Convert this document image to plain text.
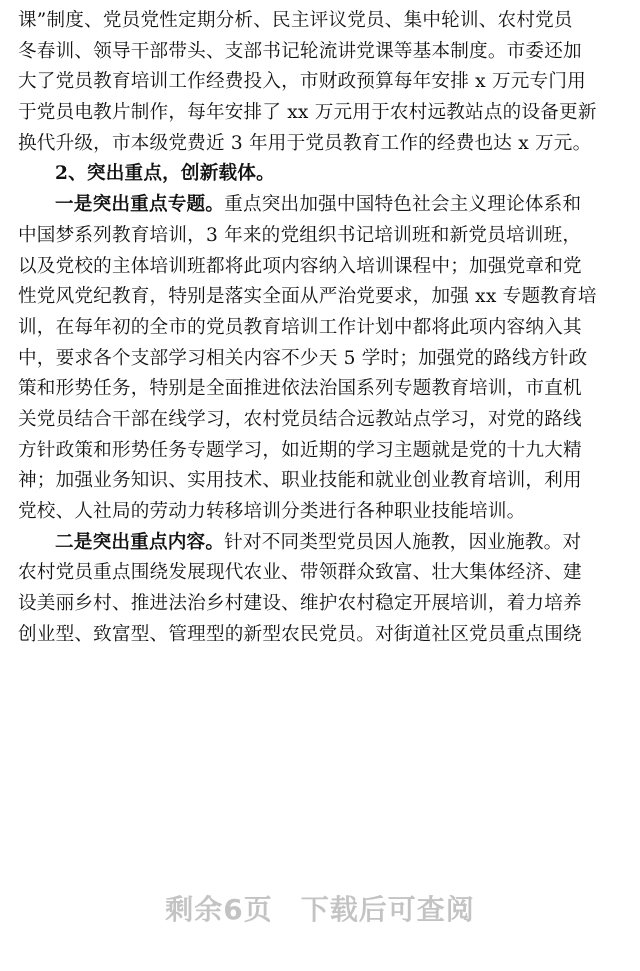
课”制度、党员党性定期分析、民主评议党员、集中轮训、农村党员
冬春训、领导干部带头、支部书记轮流讲党课等基本制度。市委还加
大了党员教育培训工作经费投入，市财政预算每年安排 x 万元专门用
于党员电教片制作，每年安排了 xx 万元用于农村远教站点的设备更新
换代升级，市本级党费近 3 年用于党员教育工作的经费也达 x 万元。
2、突出重点，创新载体。
一是突出重点专题。重点突出加强中国特色社会主义理论体系和
中国梦系列教育培训，3 年来的党组织书记培训班和新党员培训班，
以及党校的主体培训班都将此项内容纳入培训课程中；加强党章和党
性党风党纪教育，特别是落实全面从严治党要求，加强 xx 专题教育培
训，在每年初的全市的党员教育培训工作计划中都将此项内容纳入其
中，要求各个支部学习相关内容不少天 5 学时；加强党的路线方针政
策和形势任务，特别是全面推进依法治国系列专题教育培训，市直机
关党员结合干部在线学习，农村党员结合远教站点学习，对党的路线
方针政策和形势任务专题学习，如近期的学习主题就是党的十九大精
神；加强业务知识、实用技术、职业技能和就业创业教育培训，利用
党校、人社局的劳动力转移培训分类进行各种职业技能培训。
二是突出重点内容。针对不同类型党员因人施教，因业施教。对
农村党员重点围绕发展现代农业、带领群众致富、壮大集体经济、建
设美丽乡村、推进法治乡村建设、维护农村稳定开展培训，着力培养
创业型、致富型、管理型的新型农民党员。对街道社区党员重点围绕
剩余6页 下载后可查阅
